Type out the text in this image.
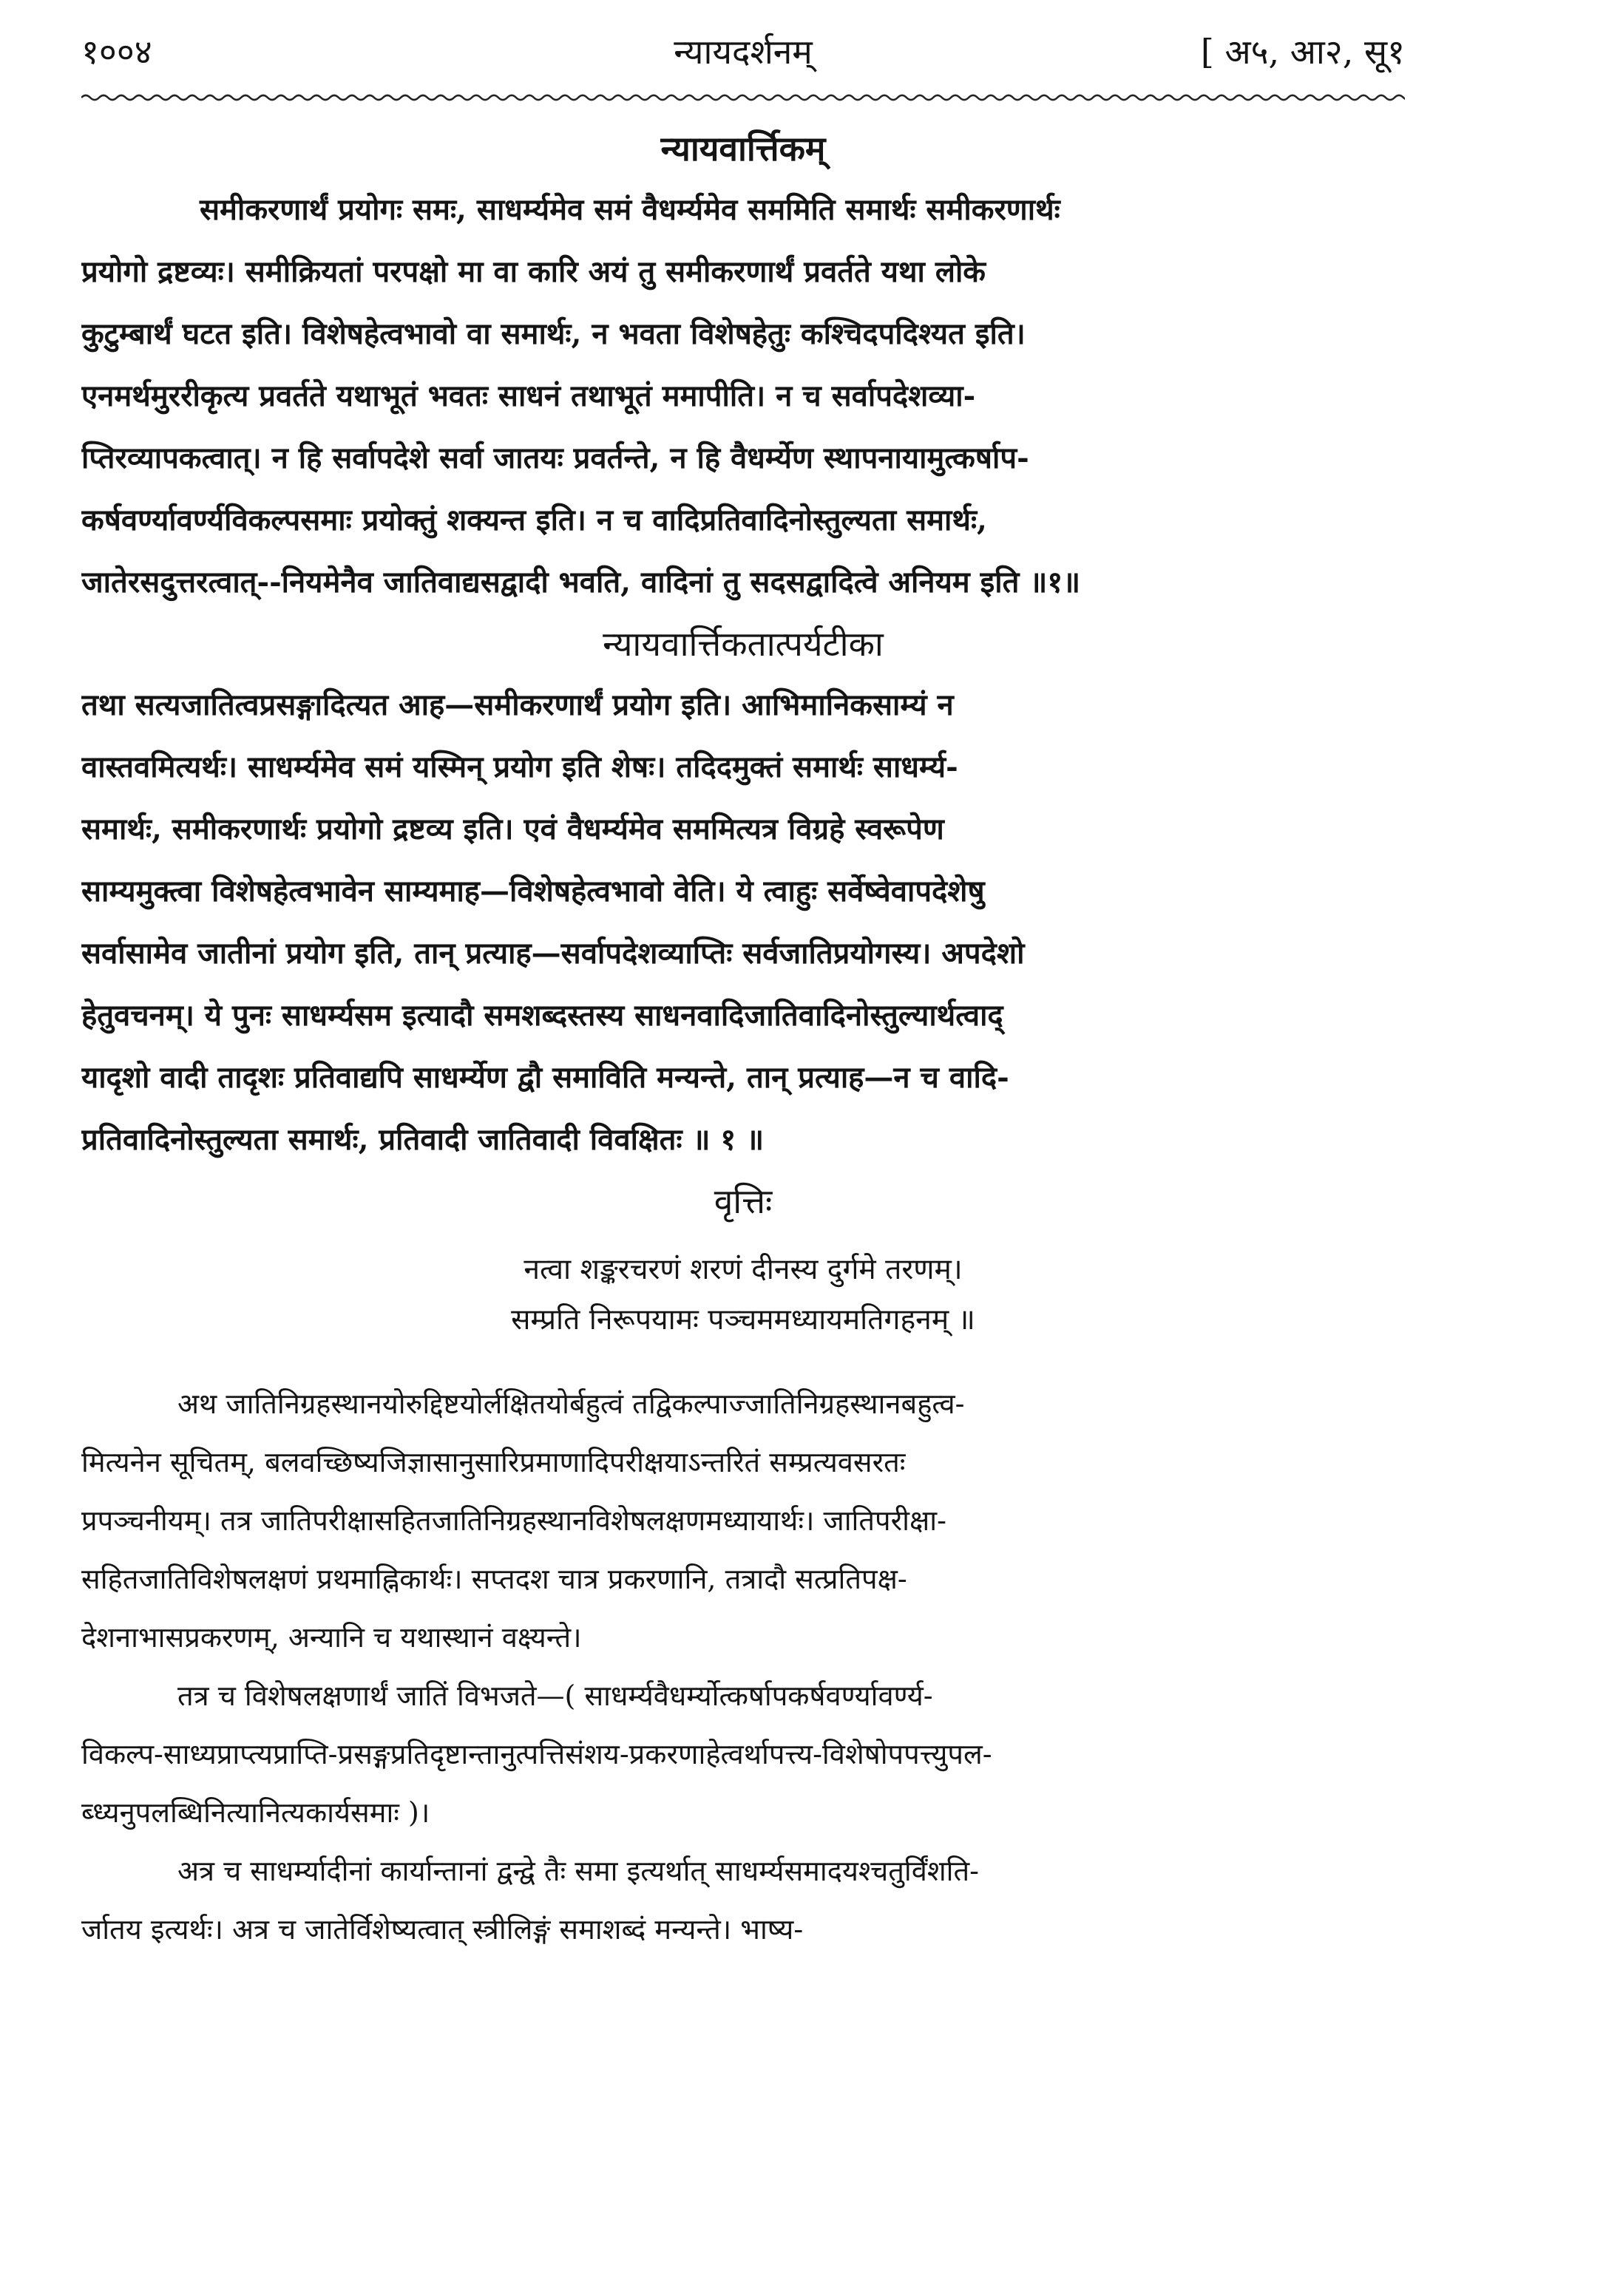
१००४	न्यायदर्शनम्	[ अ५, आ२, सू१
न्यायवार्त्तिकम्
समीकरणार्थं प्रयोगः समः, साधर्म्यमेव समं वैधर्म्यमेव सममिति समार्थः समीकरणार्थः
प्रयोगो द्रष्टव्यः। समीक्रियतां परपक्षो मा वा कारि अयं तु समीकरणार्थं प्रवर्तते यथा लोके
कुटुम्बार्थं घटत इति। विशेषहेत्वभावो वा समार्थः, न भवता विशेषहेतुः कश्चिदपदिश्यत इति।
एनमर्थमुररीकृत्य प्रवर्तते यथाभूतं भवतः साधनं तथाभूतं ममापीति। न च सर्वापदेशव्या-
प्तिरव्यापकत्वात्। न हि सर्वापदेशे सर्वा जातयः प्रवर्तन्ते, न हि वैधर्म्येण स्थापनायामुत्कर्षाप-
कर्षवर्ण्यावर्ण्यविकल्पसमाः प्रयोक्तुं शक्यन्त इति। न च वादिप्रतिवादिनोस्तुल्यता समार्थः,
जातेरसदुत्तरत्वात्--नियमेनैव जातिवाद्यसद्वादी भवति, वादिनां तु सदसद्वादित्वे अनियम इति ॥१॥
न्यायवार्त्तिकतात्पर्यटीका
तथा सत्यजातित्वप्रसङ्गादित्यत आह—समीकरणार्थं प्रयोग इति। आभिमानिकसाम्यं न
वास्तवमित्यर्थः। साधर्म्यमेव समं यस्मिन् प्रयोग इति शेषः। तदिदमुक्तं समार्थः साधर्म्य-
समार्थः, समीकरणार्थः प्रयोगो द्रष्टव्य इति। एवं वैधर्म्यमेव सममित्यत्र विग्रहे स्वरूपेण
साम्यमुक्त्वा विशेषहेत्वभावेन साम्यमाह—विशेषहेत्वभावो वेति। ये त्वाहुः सर्वेष्वेवापदेशेषु
सर्वासामेव जातीनां प्रयोग इति, तान् प्रत्याह—सर्वापदेशव्याप्तिः सर्वजातिप्रयोगस्य। अपदेशो
हेतुवचनम्। ये पुनः साधर्म्यसम इत्यादौ समशब्दस्तस्य साधनवादिजातिवादिनोस्तुल्यार्थत्वाद्
यादृशो वादी तादृशः प्रतिवाद्यपि साधर्म्येण द्वौ समाविति मन्यन्ते, तान् प्रत्याह—न च वादि-
प्रतिवादिनोस्तुल्यता समार्थः, प्रतिवादी जातिवादी विवक्षितः ॥ १ ॥
वृत्तिः
नत्वा शङ्करचरणं शरणं दीनस्य दुर्गमे तरणम्।
सम्प्रति निरूपयामः पञ्चममध्यायमतिगहनम् ॥
अथ जातिनिग्रहस्थानयोरुद्दिष्टयोर्लक्षितयोर्बहुत्वं तद्विकल्पाज्जातिनिग्रहस्थानबहुत्व-
मित्यनेन सूचितम्, बलवच्छिष्यजिज्ञासानुसारिप्रमाणादिपरीक्षयाऽन्तरितं सम्प्रत्यवसरतः
प्रपञ्चनीयम्। तत्र जातिपरीक्षासहितजातिनिग्रहस्थानविशेषलक्षणमध्यायार्थः। जातिपरीक्षा-
सहितजातिविशेषलक्षणं प्रथमाह्निकार्थः। सप्तदश चात्र प्रकरणानि, तत्रादौ सत्प्रतिपक्ष-
देशनाभासप्रकरणम्, अन्यानि च यथास्थानं वक्ष्यन्ते।
तत्र च विशेषलक्षणार्थं जातिं विभजते—( साधर्म्यवैधर्म्योत्कर्षापकर्षवर्ण्यावर्ण्य-
विकल्प-साध्यप्राप्त्यप्राप्ति-प्रसङ्गप्रतिदृष्टान्तानुत्पत्तिसंशय-प्रकरणाहेत्वर्थापत्त्य-विशेषोपपत्त्युपल-
ब्ध्यनुपलब्धिनित्यानित्यकार्यसमाः )।
अत्र च साधर्म्यादीनां कार्यान्तानां द्वन्द्वे तैः समा इत्यर्थात् साधर्म्यसमादयश्चतुर्विंशति-
र्जातय इत्यर्थः। अत्र च जातेर्विशेष्यत्वात् स्त्रीलिङ्गं समाशब्दं मन्यन्ते। भाष्य-
